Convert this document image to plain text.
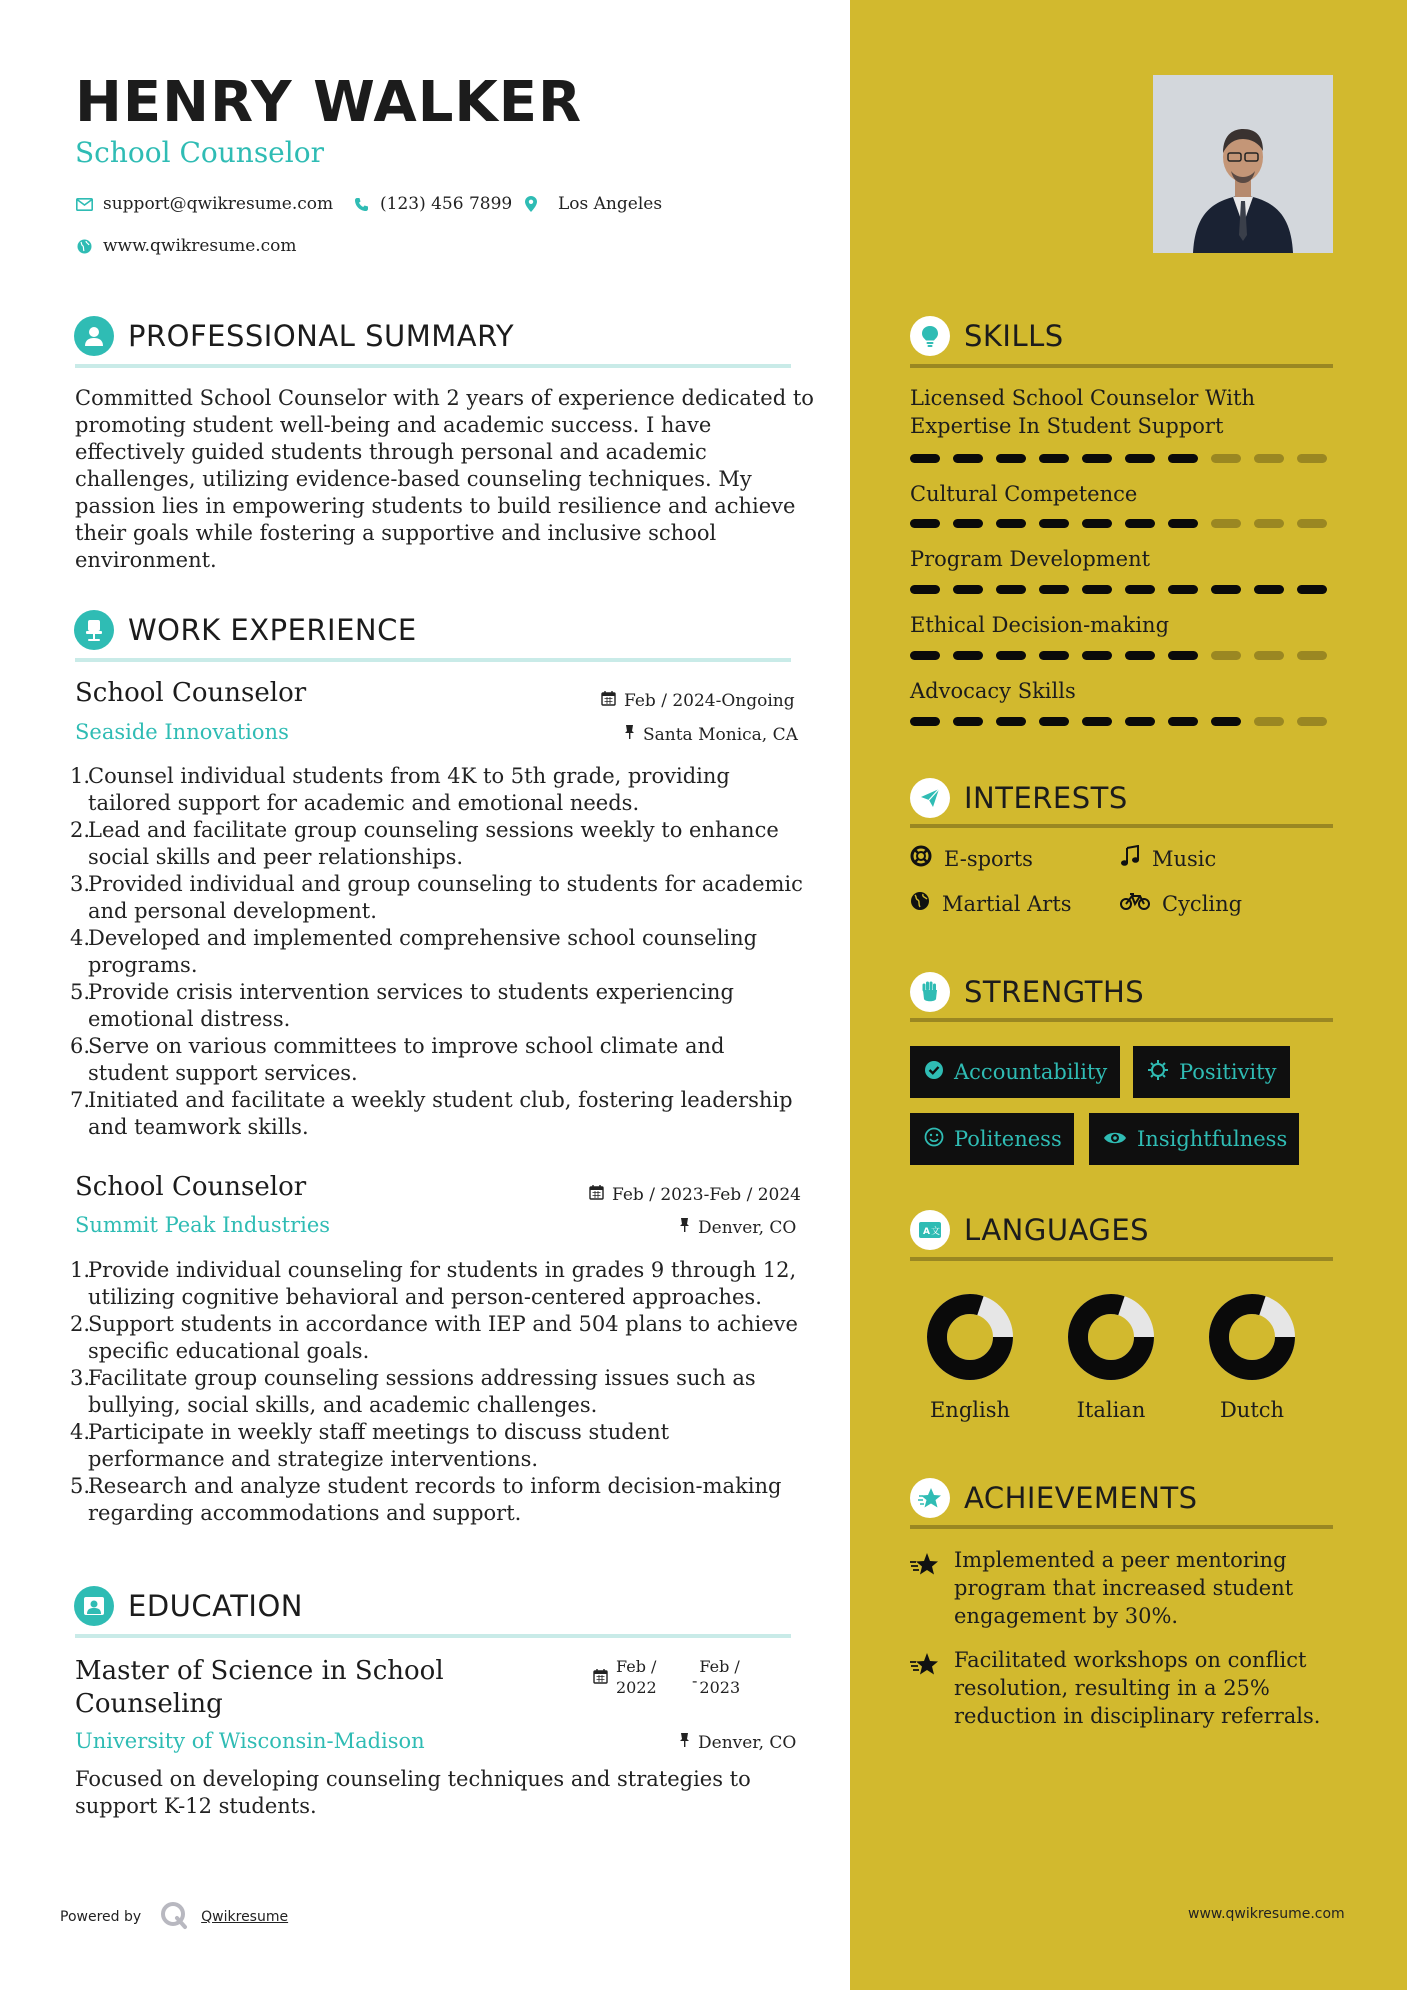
HENRY WALKER
School Counselor
support@qwikresume.com	(123) 456 7899	Los Angeles
www.qwikresume.com
PROFESSIONAL SUMMARY
Committed School Counselor with 2 years of experience dedicated to
promoting student well-being and academic success. I have
effectively guided students through personal and academic
challenges, utilizing evidence-based counseling techniques. My
passion lies in empowering students to build resilience and achieve
their goals while fostering a supportive and inclusive school
environment.
WORK EXPERIENCE
School Counselor	Feb / 2024-Ongoing
Seaside Innovations	Santa Monica, CA
1.
Counsel individual students from 4K to 5th grade, providing
tailored support for academic and emotional needs.
2.
Lead and facilitate group counseling sessions weekly to enhance
social skills and peer relationships.
3.
Provided individual and group counseling to students for academic
and personal development.
4.
Developed and implemented comprehensive school counseling
programs.
5.
Provide crisis intervention services to students experiencing
emotional distress.
6.
Serve on various committees to improve school climate and
student support services.
7.
Initiated and facilitate a weekly student club, fostering leadership
and teamwork skills.
School Counselor	Feb / 2023-Feb / 2024
Summit Peak Industries	Denver, CO
1.
Provide individual counseling for students in grades 9 through 12,
utilizing cognitive behavioral and person-centered approaches.
2.
Support students in accordance with IEP and 504 plans to achieve
specific educational goals.
3.
Facilitate group counseling sessions addressing issues such as
bullying, social skills, and academic challenges.
4.
Participate in weekly staff meetings to discuss student
performance and strategize interventions.
5.
Research and analyze student records to inform decision-making
regarding accommodations and support.
EDUCATION
Master of Science in School
Counseling
Feb /
2022	-
Feb /
2023
University of Wisconsin-Madison	Denver, CO
Focused on developing counseling techniques and strategies to
support K-12 students.
Powered by	Qwikresume	www.qwikresume.com
SKILLS
Licensed School Counselor With
Expertise In Student Support
Cultural Competence
Program Development
Ethical Decision-making
Advocacy Skills
INTERESTS
E-sports	Music
Martial Arts	Cycling
STRENGTHS
Accountability	Positivity
Politeness	Insightfulness
A 文 LANGUAGES
English	Italian	Dutch
ACHIEVEMENTS
Implemented a peer mentoring
program that increased student
engagement by 30%.
Facilitated workshops on conflict
resolution, resulting in a 25%
reduction in disciplinary referrals.
